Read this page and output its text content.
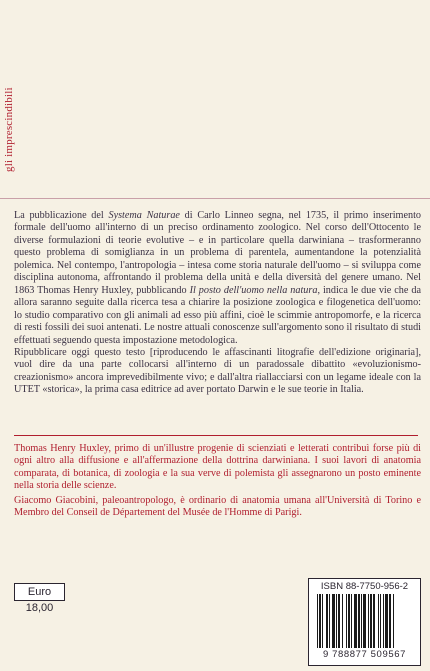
gli imprescindibili

La pubblicazione del Systema Naturae di Carlo Linneo segna, nel 1735, il primo inserimento formale dell'uomo all'interno di un preciso ordinamento zoologico. Nel corso dell'Ottocento le diverse formulazioni di teorie evolutive – e in particolare quella darwiniana – trasformeranno questo problema di somiglianza in un problema di parentela, aumentandone la potenzialità polemica. Nel contempo, l'antropologia – intesa come storia naturale dell'uomo – si sviluppa come disciplina autonoma, affrontando il problema della unità e della diversità del genere umano. Nel 1863 Thomas Henry Huxley, pubblicando Il posto dell'uomo nella natura, indica le due vie che da allora saranno seguite dalla ricerca tesa a chiarire la posizione zoologica e filogenetica dell'uomo: lo studio comparativo con gli animali ad esso più affini, cioè le scimmie antropomorfe, e la ricerca di resti fossili dei suoi antenati. Le nostre attuali conoscenze sull'argomento sono il risultato di studi effettuati seguendo questa impostazione metodologica.

Ripubblicare oggi questo testo [riproducendo le affascinanti litografie dell'edizione originaria], vuol dire da una parte collocarsi all'interno di un paradossale dibattito «evoluzionismo-creazionismo» ancora imprevedibilmente vivo; e dall'altra riallacciarsi con un legame ideale con la UTET «storica», la prima casa editrice ad aver portato Darwin e le sue teorie in Italia.

Thomas Henry Huxley, primo di un'illustre progenie di scienziati e letterati contribuì forse più di ogni altro alla diffusione e all'affermazione della dottrina darwiniana. I suoi lavori di anatomia comparata, di botanica, di zoologia e la sua verve di polemista gli assegnarono un posto eminente nella storia delle scienze.

Giacomo Giacobini, paleoantropologo, è ordinario di anatomia umana all'Università di Torino e Membro del Conseil de Département del Musée de l'Homme di Parigi.

Euro 18,00
ISBN 88-7750-956-2
9 788877 509567
